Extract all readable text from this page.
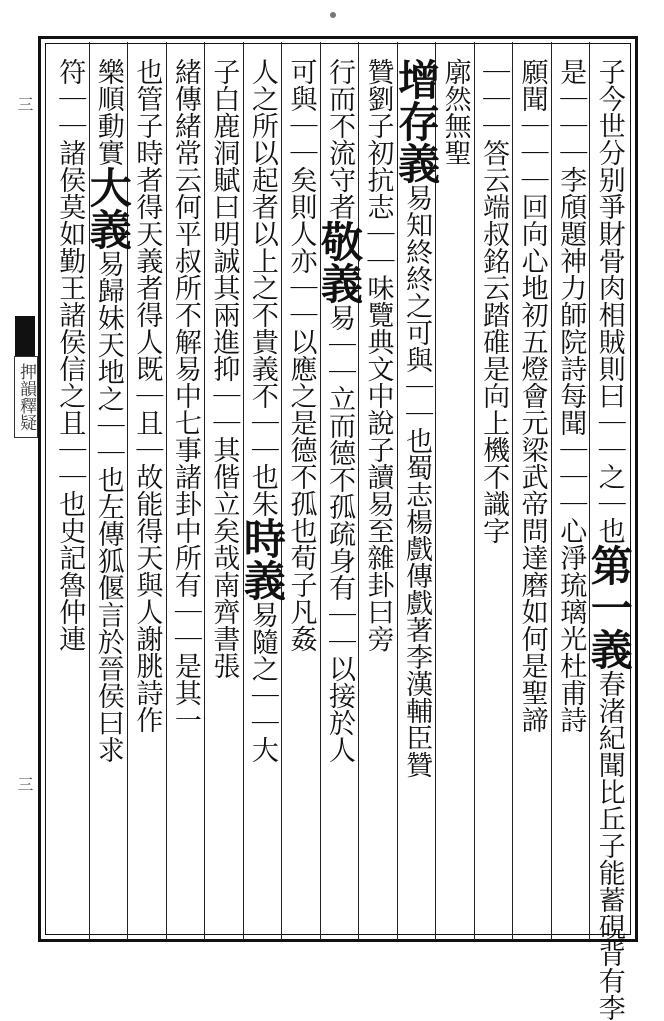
三
押韻釋疑
三
子今世分别爭財骨肉相賊則曰｜｜之｜也第一義春渚紀聞比丘子能蓄硯背有李
是｜｜｜李頎題神力師院詩每聞｜｜｜心淨琉璃光杜甫詩
願聞｜｜｜回向心地初五燈會元梁武帝問達磨如何是聖諦
｜｜｜答云端叔銘云踏碓是向上機不識字
廓然無聖
增存義易知終終之可與｜｜也蜀志楊戲傳戲著李漢輔臣贊
贊劉子初抗志｜｜味覽典文中說子讀易至雜卦曰旁
行而不流守者敬義易｜｜立而德不孤疏身有｜｜以接於人
可與｜｜矣則人亦｜｜以應之是德不孤也荀子凡姦
人之所以起者以上之不貴義不｜｜也朱時義易隨之｜｜大
子白鹿洞賦曰明誠其兩進抑｜｜其偕立矣哉南齊書張
緒傳緒常云何平叔所不解易中七事諸卦中所有｜｜是其一
也管子時者得天義者得人既｜且｜故能得天與人謝朓詩作
樂順動實大義易歸妹天地之｜｜也左傳狐偃言於晉侯曰求
符｜｜諸侯莫如勤王諸侯信之且｜｜也史記魯仲連
